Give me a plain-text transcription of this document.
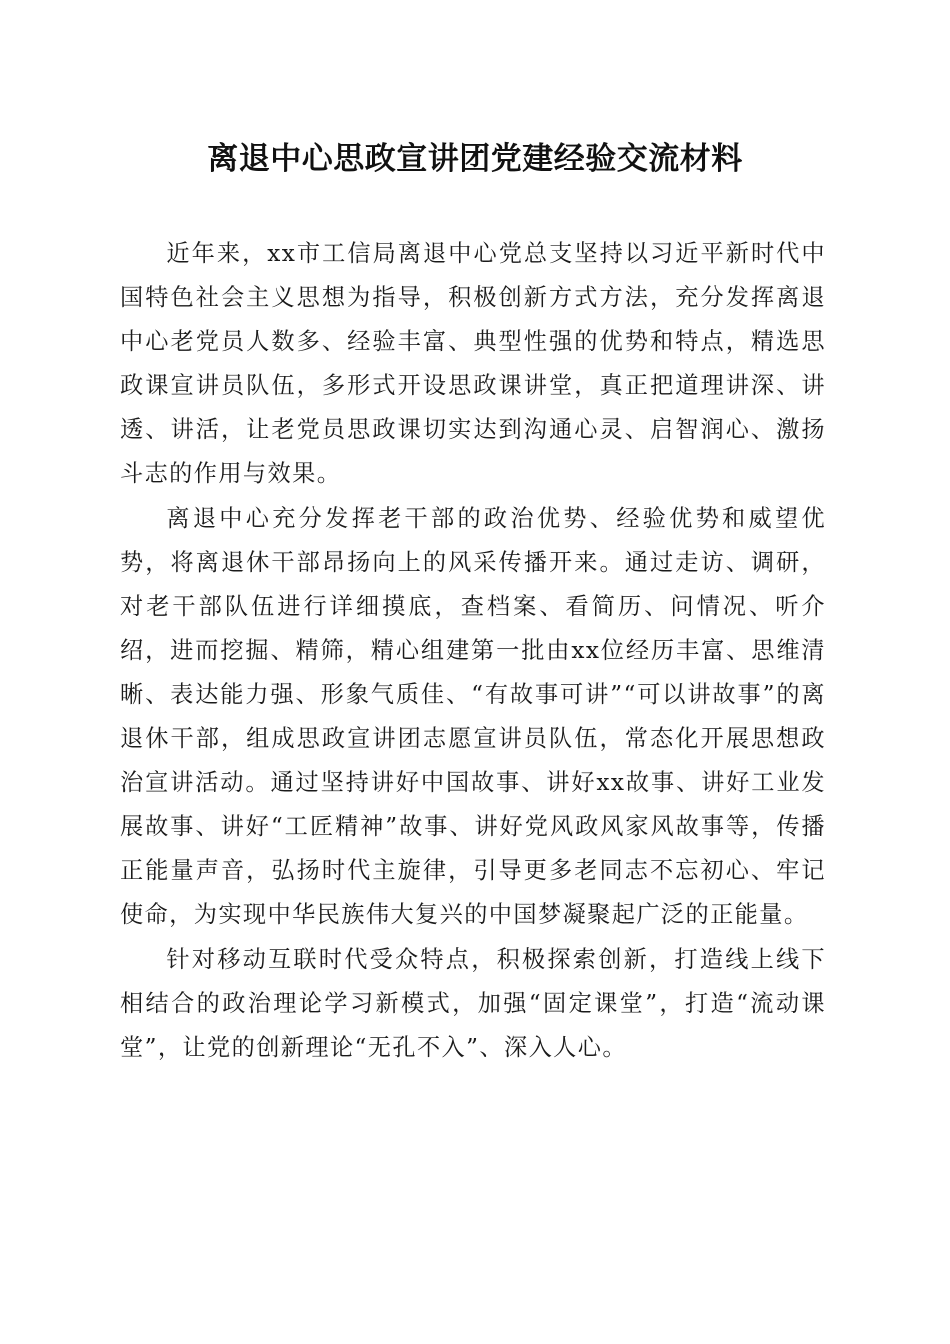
离退中心思政宣讲团党建经验交流材料

近年来，xx市工信局离退中心党总支坚持以习近平新时代中国特色社会主义思想为指导，积极创新方式方法，充分发挥离退中心老党员人数多、经验丰富、典型性强的优势和特点，精选思政课宣讲员队伍，多形式开设思政课讲堂，真正把道理讲深、讲透、讲活，让老党员思政课切实达到沟通心灵、启智润心、激扬斗志的作用与效果。

离退中心充分发挥老干部的政治优势、经验优势和威望优势，将离退休干部昂扬向上的风采传播开来。通过走访、调研，对老干部队伍进行详细摸底，查档案、看简历、问情况、听介绍，进而挖掘、精筛，精心组建第一批由xx位经历丰富、思维清晰、表达能力强、形象气质佳、“有故事可讲”“可以讲故事”的离退休干部，组成思政宣讲团志愿宣讲员队伍，常态化开展思想政治宣讲活动。通过坚持讲好中国故事、讲好xx故事、讲好工业发展故事、讲好“工匠精神”故事、讲好党风政风家风故事等，传播正能量声音，弘扬时代主旋律，引导更多老同志不忘初心、牢记使命，为实现中华民族伟大复兴的中国梦凝聚起广泛的正能量。

针对移动互联时代受众特点，积极探索创新，打造线上线下相结合的政治理论学习新模式，加强“固定课堂”，打造“流动课堂”，让党的创新理论“无孔不入”、深入人心。
